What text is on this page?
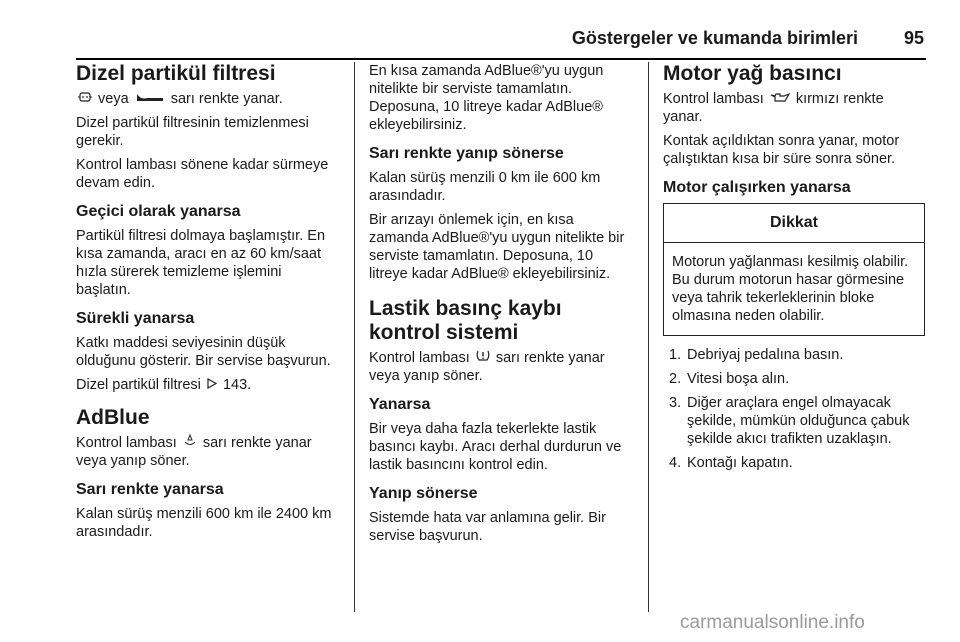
Göstergeler ve kumanda birimleri	95
Dizel partikül filtresi

veya	sarı renkte yanar.

Dizel partikül filtresinin temizlenmesi gerekir.

Kontrol lambası sönene kadar sürmeye devam edin.

Geçici olarak yanarsa

Partikül filtresi dolmaya başlamıştır. En kısa zamanda, aracı en az 60 km/saat hızla sürerek temizleme işlemini başlatın.

Sürekli yanarsa

Katkı maddesi seviyesinin düşük olduğunu gösterir. Bir servise başvurun.

Dizel partikül filtresi 143.

AdBlue

Kontrol lambası sarı renkte yanar veya yanıp söner.

Sarı renkte yanarsa

Kalan sürüş menzili 600 km ile 2400 km arasındadır.

En kısa zamanda AdBlue®'yu uygun nitelikte bir serviste tamamlatın. Deposuna, 10 litreye kadar AdBlue® ekleyebilirsiniz.

Sarı renkte yanıp sönerse

Kalan sürüş menzili 0 km ile 600 km arasındadır.

Bir arızayı önlemek için, en kısa zamanda AdBlue®'yu uygun nitelikte bir serviste tamamlatın. Deposuna, 10 litreye kadar AdBlue® ekleyebilirsiniz.

Lastik basınç kaybı kontrol sistemi

Kontrol lambası sarı renkte yanar veya yanıp söner.

Yanarsa

Bir veya daha fazla tekerlekte lastik basıncı kaybı. Aracı derhal durdurun ve lastik basıncını kontrol edin.

Yanıp sönerse

Sistemde hata var anlamına gelir. Bir servise başvurun.

Motor yağ basıncı

Kontrol lambası kırmızı renkte yanar.

Kontak açıldıktan sonra yanar, motor çalıştıktan kısa bir süre sonra söner.

Motor çalışırken yanarsa
Dikkat
Motorun yağlanması kesilmiş olabilir. Bu durum motorun hasar görmesine veya tahrik tekerleklerinin bloke olmasına neden olabilir.
1. Debriyaj pedalına basın.
2. Vitesi boşa alın.
3. Diğer araçlara engel olmayacak şekilde, mümkün olduğunca çabuk şekilde akıcı trafikten uzaklaşın.
4. Kontağı kapatın.
carmanualsonline.info
